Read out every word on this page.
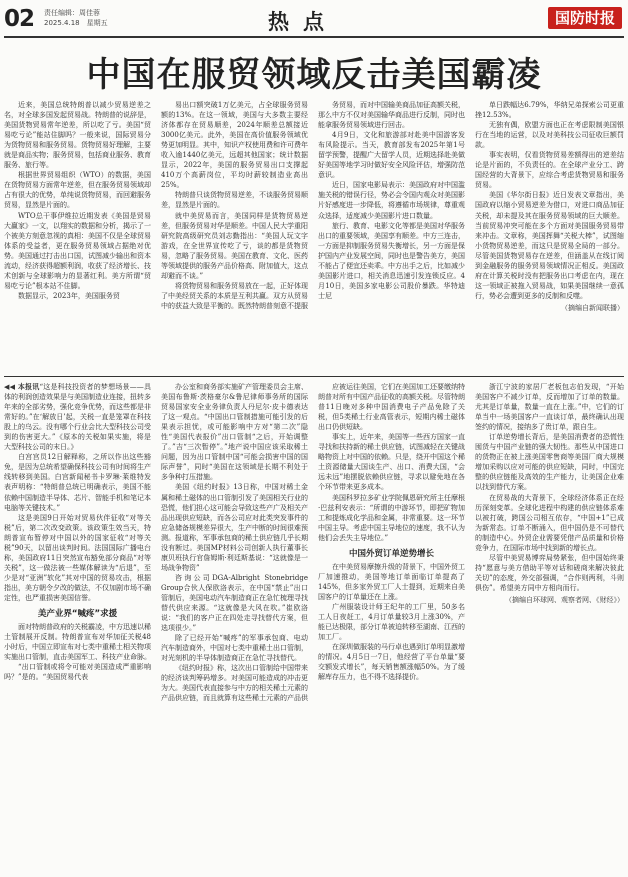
02 责任编辑：周佳蓉
2025.4.18　星期五	热点	国防时报
中国在服贸领域反击美国霸凌

近来，美国总统特朗普以减少贸易逆差之名，对全球多国发起贸易战。特朗普的说辞是，美国货物贸易常年逆差，所以吃了亏。美国“贸易吃亏论”能站住脚吗？一般来说，国际贸易分为货物贸易和服务贸易。货物贸易好理解，主要就是商品实物；服务贸易，包括商业服务、教育服务、旅行等。

根据世界贸易组织（WTO）的数据，美国在货物贸易方面常年逆差，但在服务贸易领域却占有很大的优势，单纯说货物贸易，而回避服务贸易，显然是片面的。

WTO总干事伊维拉近期发表《美国是贸易大赢家》一文，以翔实的数据和分析，揭示了一个被美方刻意忽视的真相：美国不仅是全球贸易体系的受益者，更在服务贸易领域占据绝对优势。美国通过打击出口国，试图减少输出和资本流动，经济获得超额利润，收获了经济增长、技术创新与全球影响力的显著红利。美方所谓“贸易吃亏论”根本站不住脚。

数据显示，2023年，美国服务贸

易出口额突破1万亿美元，占全球服务贸易额的13%。在这一领域，美国与大多数主要经济体都存在贸易顺差，2024年顺差总额接近3000亿美元。此外，美国在高价值服务领域优势更加明显。其中，知识产权使用费和许可费年收入逾1440亿美元，远超其他国家；统计数据显示，2022年，美国的服务贸易出口支撑起410万个高薪岗位，平均时薪较制造业高出25%。

特朗普只谈货物贸易逆差，不谈服务贸易顺差，显然是片面的。

就中美贸易而言，美国同样是货物贸易逆差，但服务贸易对华是顺差。中国人民大学重阳研究院高级研究员刘志勤指出：“美国人玩文字游戏，在全世界宣传吃了亏，谈的都是货物贸易，忽略了服务贸易。美国在教育、文化、医药等领域提供的服务产品价格高、附加值大，这点却避而不谈。”

将货物贸易和服务贸易放在一起，正好体现了中美经贸关系的本质是互利共赢。双方从贸易中的获益大致是平衡的。既然特朗普刻意不提服

务贸易，而对中国输美商品加征高额关税，那么中方不仅对美国输华商品进行反制，同时也能拿服务贸易领域进行回击。

4月9日，文化和旅游部对赴美中国游客发布风险提示。当天，教育部发布2025年第1号留学预警，提醒广大留学人员，近期选择赴美做好美国等地学习时做好安全风险评估，增强防范意识。

近日，国家电影局表示：美国政府对中国滥施关税的错误行径，势必会令国内观众对美国影片好感度进一步降低，将遵循市场规律，尊重观众选择，适度减少美国影片进口数量。

旅行、教育、电影文化等都是美国对华服务出口的重要领域，美国享有顺差。中方三连击，一方面是抑制服务贸易失衡增长，另一方面是保护国内产业发展空间，同时也是警告美方，美国不能占了便宜还卖乖。中方出手之后，比如减少美国影片进口，相关消息迅速引发连锁反应。4月10日，美国多家电影公司股价暴跌。华特迪士尼

单日跌幅达6.79%，华纳兄弟探索公司更重挫12.53%。

无独有偶，欧盟方面也正在考虑限制美国银行在当地的运营，以及对美科技公司征收巨额罚款。

事实表明，仅看货物贸易差额得出的逆差结论是片面的，不负责任的。在全球产业分工、跨国经营的大背景下，应综合考虑货物贸易和服务贸易。

美国《华尔街日报》近日发表文章指出，美国政府以缩小贸易逆差为借口，对进口商品加征关税，却未提及其在服务贸易领域的巨大顺差。当前贸易冲突可能在多个方面对美国服务贸易带来冲击。文章称，美国挥舞“关税大棒”，试图缩小货物贸易逆差，而这只是贸易全局的一部分。尽管美国货物贸易存在逆差，但涵盖从在线订阅到金融服务的服务贸易领域情况正相反。美国政府在计算关税时没有把服务出口考虑在内，现在这一领域正被拖入贸易战，如果美国继续一意孤行，势必会遭到更多的反制和反噬。

（摘编自新闻联播）

◀◀ 本报讯“这是科技投资者的梦想场景——具体的利润创造效果是与美国制造业连接，扭转多年来的全部劣势，强化竞争优势，而这些都是非常好的。”在‘解放日’起，关税一直是笼罩在科技股上的乌云。没有哪个行业会比大型科技公司受到的伤害更大。”《原本的关税如果实施，将是大型科技公司的末日。》

白宫宫员12日解释称，之所以作出这些豁免，是因为总统希望确保科技公司有时间将生产线转移到美国。白宫新闻秘书卡罗琳·莱维特发表声明称：“特朗普总统已明确表示，美国不能依赖中国制造半导体、芯片、智能手机和笔记本电脑等关键技术。”

这是美国9日开始对贸易伙伴征收“对等关税”后，第二次改变政策。该政策生效当天，特朗普宣布暂停对中国以外的国家征收“对等关税”90天，以留出谈判时间。法国国际广播电台称，美国政府11日突然宣布豁免部分商品“对等关税”，这一做法被一些媒体解读为“后退”，至少是对“亚洲”软化”其对中国的贸易攻击，根据指出，美方朝令夕改的做法，不仅加剧市场不确定性，也严重损害美国信誉。

美产业界“喊疼”求援

面对特朗普政府的关税霸凌，中方迅速以稀土管制展开反制。特朗普宣布对华加征关税48小时后，中国立即宣布对七类中重稀土相关物项实施出口管制，直击美国军工、科技产业命脉。

“出口管制或将令可能对美国造成严重影响吗？”是的。“美国贸易代表

办公室和商务部实施矿产管理委员会主席、美国布鲁斯·茨格豪尔&鲁尼律师事务所的国际贸易国家安全业务律负责人丹尼尔·皮卡德表达了这一观点。“中国出口管制措施可能引发的后果表示担忧，或可能影响中方对“第二次”隐性“美国代表报价”出口管制“之后，开始调整了。”吉“三次暂停”。”地产说中国应该采取稀土问题，因为出口管制中国“可能会损害中国的国际声誉”，同时“美国在这领域是长期不利处于多争种打压措施。

美国《纽约时报》13日称，中国对稀土金属和稀土磁体的出口管制引发了美国相关行业的恐慌，他们担心这可能会导致这些产广及相关产品出现供应短缺，而各公司应对此类突发事件的应急储备规模差异很大，生产中断的时间很难预测。报道称，军事承包商的稀土供应链几乎长期没有断过。美国MP材料公司创新人执行董事长康贝班执行官詹姆斯·利廷斯基说：“这就像是一场战争物资”

咨询公司DGA-Albright Stonebridge Group合伙人保欧洛表示，在中国“禁止”出口管制后，美国电动汽车制造商正在急忙梳理寻找替代供应来源。“这就像是大风在吹。”崔欧洛说：“我们的客户正在四处走寻找替代方案，但选项很少。”

除了已经开始“喊疼”的军事承包商、电动汽车制造商外，中国对七类中重稀土出口管制，对光刻机的半导体制造商正在急忙寻找替代。

《纽约时报》称，这次出口管制给中国带来的经济谈判筹码增多。对美国可能造成的冲击更为大。美国代表直接参与中方的相关稀土元素的产品供应链，而且就算有这些稀土元素的产品供

应被运往美国，它们在美国加工还要缴纳特朗普对所有中国产品征收的高额关税。尽管特朗普11日晚对多种中国消费电子产品免除了关税，但5类稀土行业高管表示，短期内稀土磁体出口仍供短缺。

事实上，近年来，美国等一些西方国家一直寻找和扶持新的稀土供应链，试图减轻在关键战略物资上对中国的依赖。只是，绕开中国这个稀土资源储量大国谈生产、出口、消费大国，“会远未远”地摆脱依赖供应链，寻求以避免地在各个环节带来更多成本。

美国科罗拉多矿业学院佩恩研究所主任摩根·巴兹利安表示：“所谓的中游环节，即把矿物加工和提炼成化学品和金属，非常重要。这一环节中国主导。考虑中国主导地位的速度，我不认为他们会丢失主导地位。”

中国外贸订单逆势增长

在中美贸易摩擦升级的背景下，中国外贸工厂加速推动，美国等地订单面临订单提高了145%，但多家外贸工厂人士提到，近期来自美国客户的订单量还在上涨。

广州服装设计师王纪年的工厂里，50多名工人日夜赶工，4月订单量较3月上涨30%，产能已达极限，部分订单被迫转移至湖南、江西的加工厂。

在深圳做服装的马行卓也遇到订单明显激增的情况。4月5日一7日，他经营了平台单量“要交额发式增长”，每天销售额涨幅50%。为了缓解库存压力，也不得不选择提价。

浙江宁波的家居厂老板包志伯发现，“开始美国客户不减少订单，反而增加了订单的数量。尤其是订单量，数量一直在上涨。”中，它们的订单当中一场美国客户一直谈订单，最终确认出现签约的情况，接纳多了贵订单，跟自生。

订单逆势增长背后，是美国消费者的恐慌性囤货与中国产业链的强大韧性。那些从中国进口的货物正在被上涨美国零售商等美国厂商大规模增加采购以应对可能的供应短缺，同时，中国完整的供应链能及高效的生产能力，让美国企业难以找到替代方案。

在贸易战的大背景下，全球经济体系正在经历深刻变革。全球化进程中构建的供应链体系难以被打破，跨国公司相互依存，“中国+1”已成为新常态。订单不断涌入，但中国仍是不可替代的制造中心。外贸企业需要凭借产品质量和价格竞争力，在国际市场中找到新的增长点。

尽管中美贸易博弈局势紧张，但中国始终秉持“愿意与美方借助平等对话和磋商来解决彼此关切”的态度，外交部强调，“合作则两利，斗则俱伤”。希望美方同中方相向而行。

（摘编自环球网、观察者网、《财经》）
